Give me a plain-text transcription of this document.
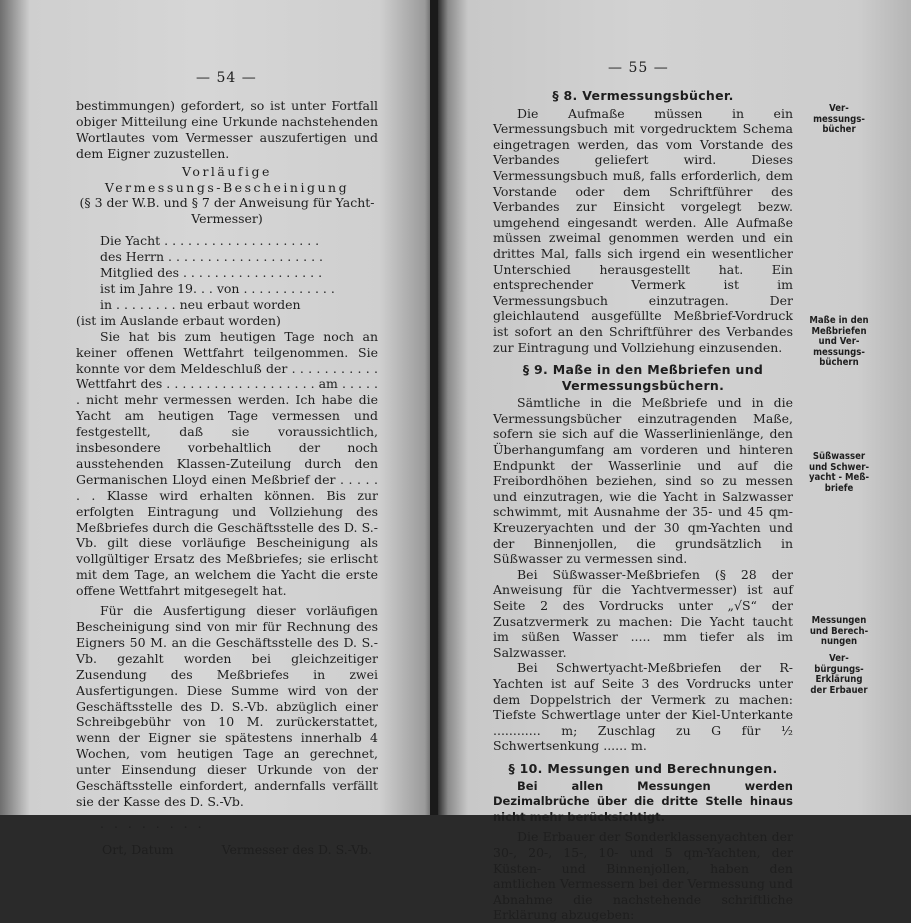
— 54 —

bestimmungen) gefordert, so ist unter Fortfall obiger Mitteilung eine Urkunde nachstehenden Wortlautes vom Vermesser auszufertigen und dem Eigner zuzustellen.

Vorläufige

Vermessungs-Bescheinigung

(§ 3 der W.B. und § 7 der Anweisung für Yacht-Vermesser)

Die Yacht . . . . . . . . . . . . . . . . . . . .
des Herrn . . . . . . . . . . . . . . . . . . . .
Mitglied des . . . . . . . . . . . . . . . . . .
ist im Jahre 19. . . von . . . . . . . . . . . .
in . . . . . . . . neu erbaut worden
(ist im Auslande erbaut worden)

Sie hat bis zum heutigen Tage noch an keiner offenen Wettfahrt teilgenommen. Sie konnte vor dem Meldeschluß der . . . . . . . . . . . Wettfahrt des . . . . . . . . . . . . . . . . . . . am . . . . . . nicht mehr vermessen werden. Ich habe die Yacht am heutigen Tage vermessen und festgestellt, daß sie voraussichtlich, insbesondere vorbehaltlich der noch ausstehenden Klassen-Zuteilung durch den Germanischen Lloyd einen Meßbrief der . . . . . . . Klasse wird erhalten können. Bis zur erfolgten Eintragung und Vollziehung des Meßbriefes durch die Geschäftsstelle des D. S.-Vb. gilt diese vorläufige Bescheinigung als vollgültiger Ersatz des Meßbriefes; sie erlischt mit dem Tage, an welchem die Yacht die erste offene Wettfahrt mitgesegelt hat.

Für die Ausfertigung dieser vorläufigen Bescheinigung sind von mir für Rechnung des Eigners 50 M. an die Geschäftsstelle des D. S.-Vb. gezahlt worden bei gleichzeitiger Zusendung des Meßbriefes in zwei Ausfertigungen. Diese Summe wird von der Geschäftsstelle des D. S.-Vb. abzüglich einer Schreibgebühr von 10 M. zurückerstattet, wenn der Eigner sie spätestens innerhalb 4 Wochen, vom heutigen Tage an gerechnet, unter Einsendung dieser Urkunde von der Geschäftsstelle einfordert, andernfalls verfällt sie der Kasse des D. S.-Vb.

. . . . . . . .
Ort, Datum	Vermesser des D. S.-Vb.
— 55 —
§ 8. Vermessungsbücher.

Die Aufmaße müssen in ein Vermessungsbuch mit vorgedrucktem Schema eingetragen werden, das vom Vorstande des Verbandes geliefert wird. Dieses Vermessungsbuch muß, falls erforderlich, dem Vorstande oder dem Schriftführer des Verbandes zur Einsicht vorgelegt bezw. umgehend eingesandt werden. Alle Aufmaße müssen zweimal genommen werden und ein drittes Mal, falls sich irgend ein wesentlicher Unterschied herausgestellt hat. Ein entsprechender Vermerk ist im Vermessungsbuch einzutragen. Der gleichlautend ausgefüllte Meßbrief-Vordruck ist sofort an den Schriftführer des Verbandes zur Eintragung und Vollziehung einzusenden.

§ 9. Maße in den Meßbriefen und Vermessungsbüchern.

Sämtliche in die Meßbriefe und in die Vermessungsbücher einzutragenden Maße, sofern sie sich auf die Wasserlinienlänge, den Überhangumfang am vorderen und hinteren Endpunkt der Wasserlinie und auf die Freibordhöhen beziehen, sind so zu messen und einzutragen, wie die Yacht in Salzwasser schwimmt, mit Ausnahme der 35- und 45 qm-Kreuzeryachten und der 30 qm-Yachten und der Binnenjollen, die grundsätzlich in Süßwasser zu vermessen sind.

Bei Süßwasser-Meßbriefen (§ 28 der Anweisung für die Yachtvermesser) ist auf Seite 2 des Vordrucks unter „√S“ der Zusatzvermerk zu machen: Die Yacht taucht im süßen Wasser ..... mm tiefer als im Salzwasser.

Bei Schwertyacht-Meßbriefen der R-Yachten ist auf Seite 3 des Vordrucks unter dem Doppelstrich der Vermerk zu machen: Tiefste Schwertlage unter der Kiel-Unterkante ............ m; Zuschlag zu G für ½ Schwertsenkung ...... m.

§ 10. Messungen und Berechnungen.

Bei allen Messungen werden Dezimalbrüche über die dritte Stelle hinaus nicht mehr berücksichtigt.

Die Erbauer der Sonderklassenyachten der 30-, 20-, 15-, 10- und 5 qm-Yachten, der Küsten- und Binnenjollen, haben den amtlichen Vermessern bei der Vermessung und Abnahme die nachstehende schriftliche Erklärung abzugeben:

Ver-
messungs-
bücher
Maße in den
Meßbriefen
und Ver-
messungs-
büchern
Süßwasser
und Schwer-
yacht - Meß-
briefe
Messungen
und Berech-
nungen
Ver-
bürgungs-
Erklärung
der Erbauer
